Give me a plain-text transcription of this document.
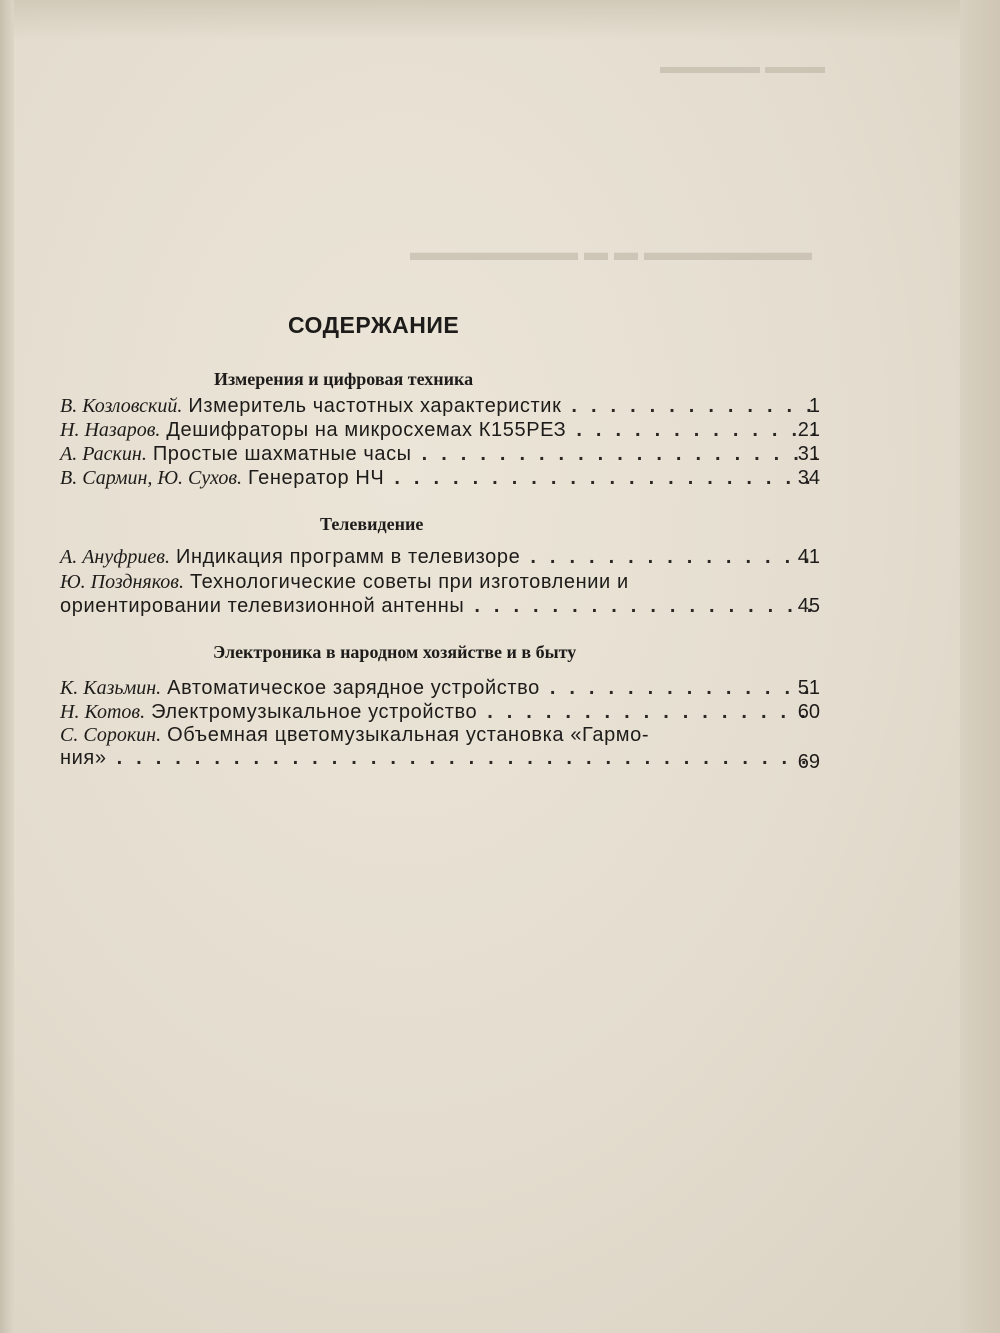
▬▬▬ ▬▬▬▬▬
▬▬▬▬▬▬▬ ▬ ▬ ▬▬▬▬▬▬▬
СОДЕРЖАНИЕ
Измерения и цифровая техника
В. Козловский. Измеритель частотных характеристик .....	1
Н. Назаров. Дешифраторы на микросхемах К155РЕЗ .....	21
А. Раскин. Простые шахматные часы .....	31
В. Сармин, Ю. Сухов. Генератор НЧ .....	34
Телевидение
А. Ануфриев. Индикация программ в телевизоре .....	41
Ю. Поздняков. Технологические советы при изготовлении и
ориентировании телевизионной антенны .....	45
Электроника в народном хозяйстве и в быту
К. Казьмин. Автоматическое зарядное устройство .....	51
Н. Котов. Электромузыкальное устройство .....	60
С. Сорокин. Объемная цветомузыкальная установка «Гармо-
ния» .....	69
